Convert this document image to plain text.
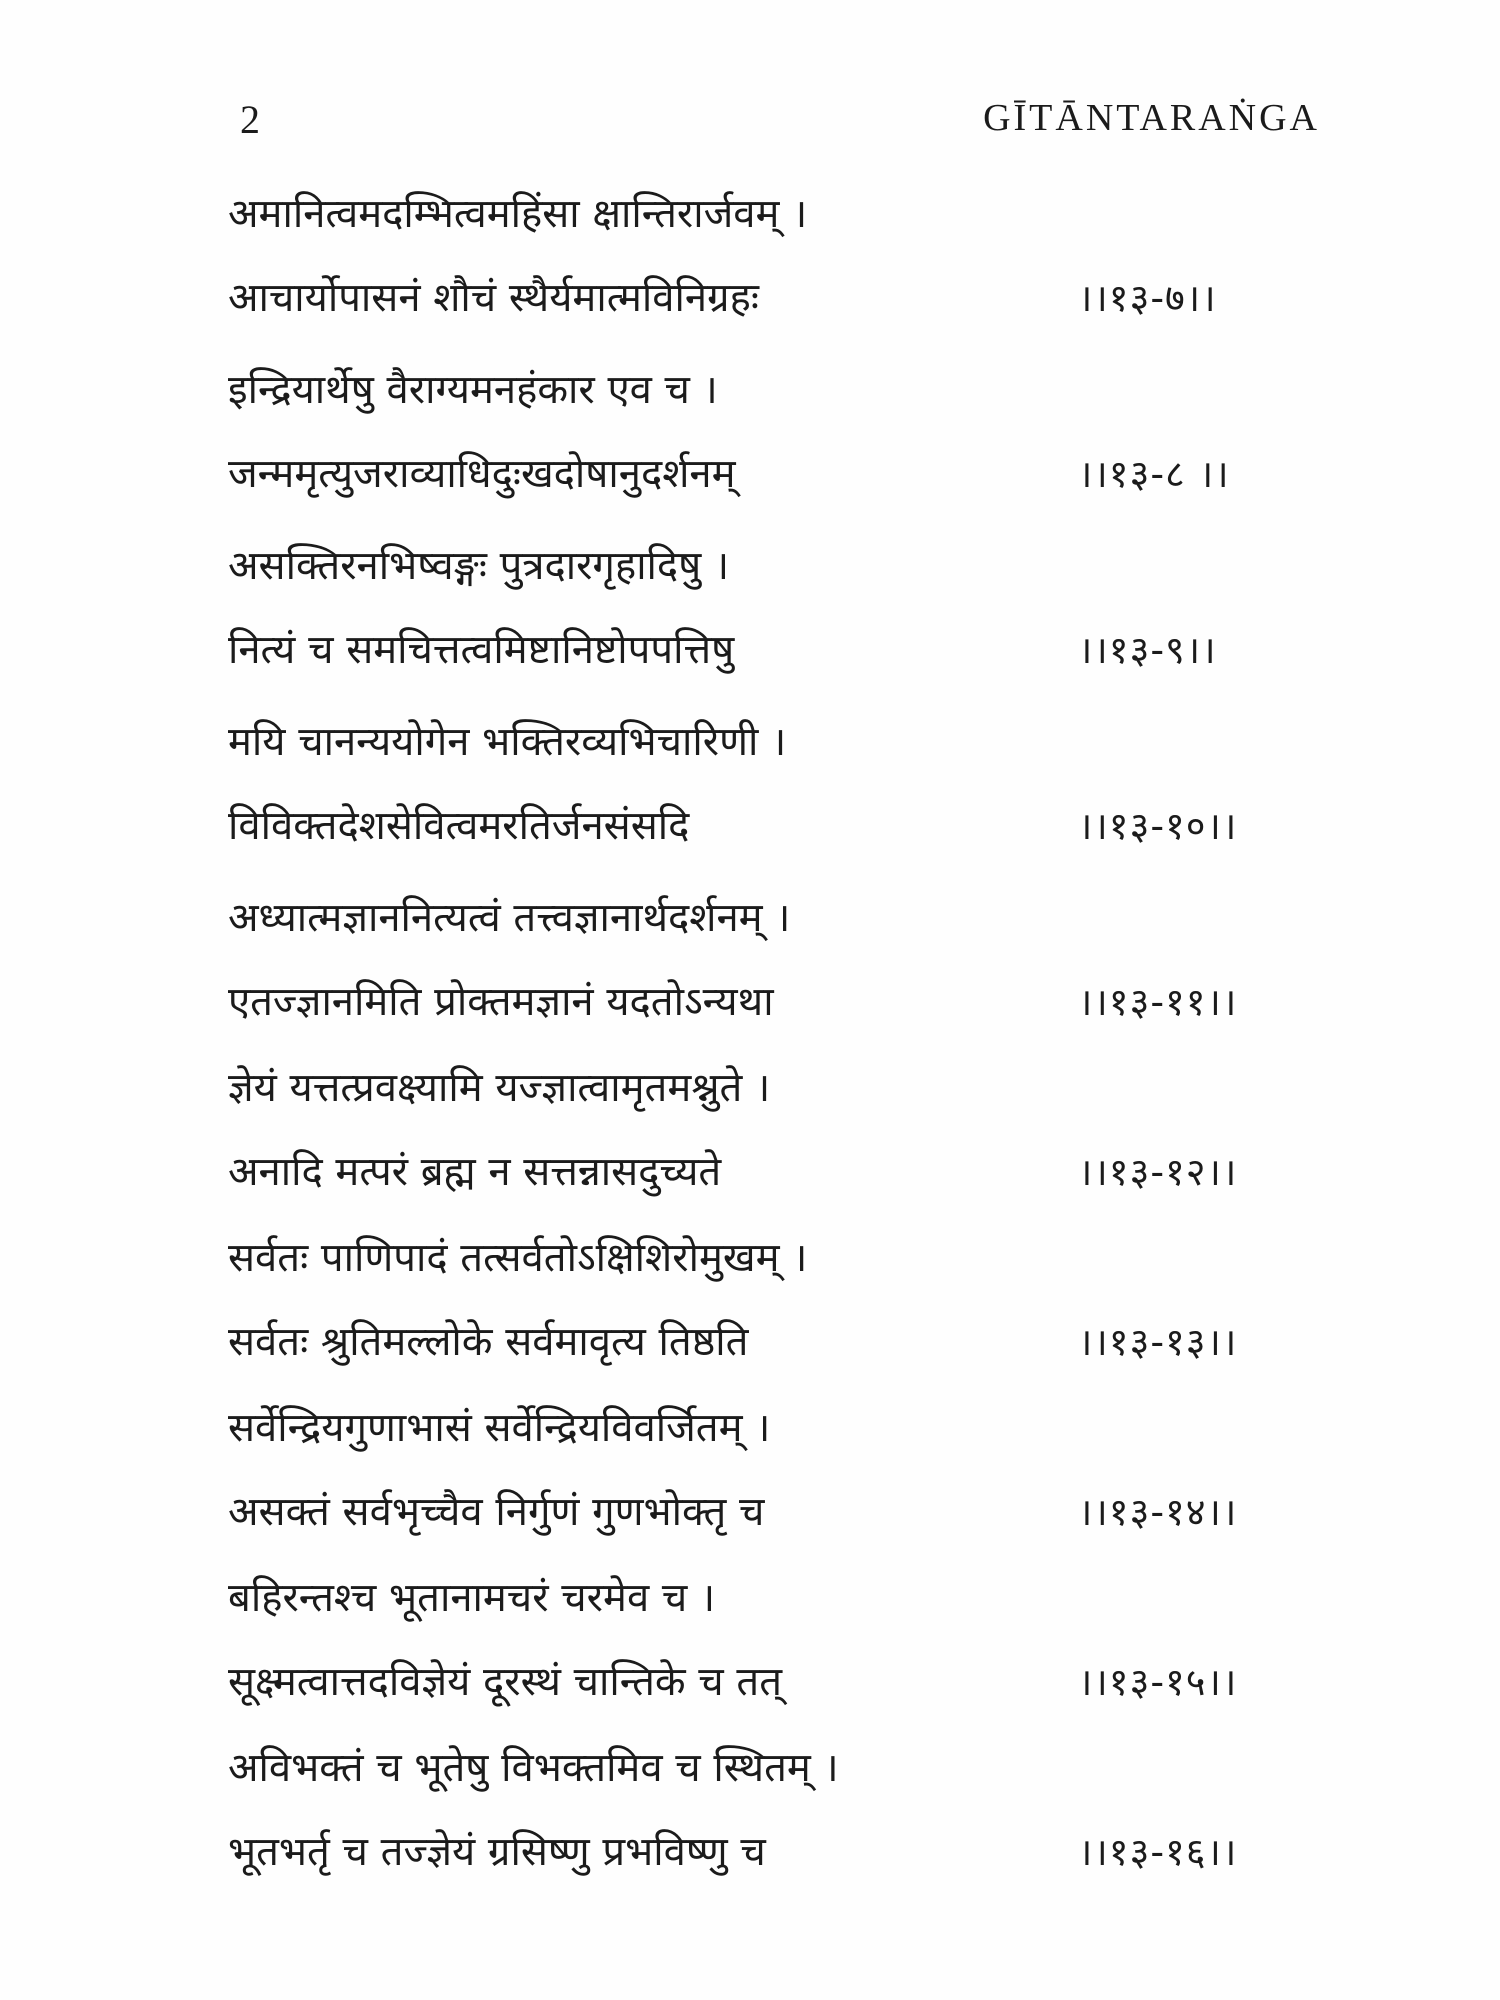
2	GĪTĀNTARAṄGA
अमानित्वमदम्भित्वमहिंसा क्षान्तिरार्जवम् ।
आचार्योपासनं शौचं स्थैर्यमात्मविनिग्रहः	।।१३-७।।
इन्द्रियार्थेषु वैराग्यमनहंकार एव च ।
जन्ममृत्युजराव्याधिदुःखदोषानुदर्शनम्	।।१३-८ ।।
असक्तिरनभिष्वङ्गः पुत्रदारगृहादिषु ।
नित्यं च समचित्तत्वमिष्टानिष्टोपपत्तिषु	।।१३-९।।
मयि चानन्ययोगेन भक्तिरव्यभिचारिणी ।
विविक्तदेशसेवित्वमरतिर्जनसंसदि	।।१३-१०।।
अध्यात्मज्ञाननित्यत्वं तत्त्वज्ञानार्थदर्शनम् ।
एतज्ज्ञानमिति प्रोक्तमज्ञानं यदतोऽन्यथा	।।१३-११।।
ज्ञेयं यत्तत्प्रवक्ष्यामि यज्ज्ञात्वामृतमश्नुते ।
अनादि मत्परं ब्रह्म न सत्तन्नासदुच्यते	।।१३-१२।।
सर्वतः पाणिपादं तत्सर्वतोऽक्षिशिरोमुखम् ।
सर्वतः श्रुतिमल्लोके सर्वमावृत्य तिष्ठति	।।१३-१३।।
सर्वेन्द्रियगुणाभासं सर्वेन्द्रियविवर्जितम् ।
असक्तं सर्वभृच्चैव निर्गुणं गुणभोक्तृ च	।।१३-१४।।
बहिरन्तश्च भूतानामचरं चरमेव च ।
सूक्ष्मत्वात्तदविज्ञेयं दूरस्थं चान्तिके च तत्	।।१३-१५।।
अविभक्तं च भूतेषु विभक्तमिव च स्थितम् ।
भूतभर्तृ च तज्ज्ञेयं ग्रसिष्णु प्रभविष्णु च	।।१३-१६।।
